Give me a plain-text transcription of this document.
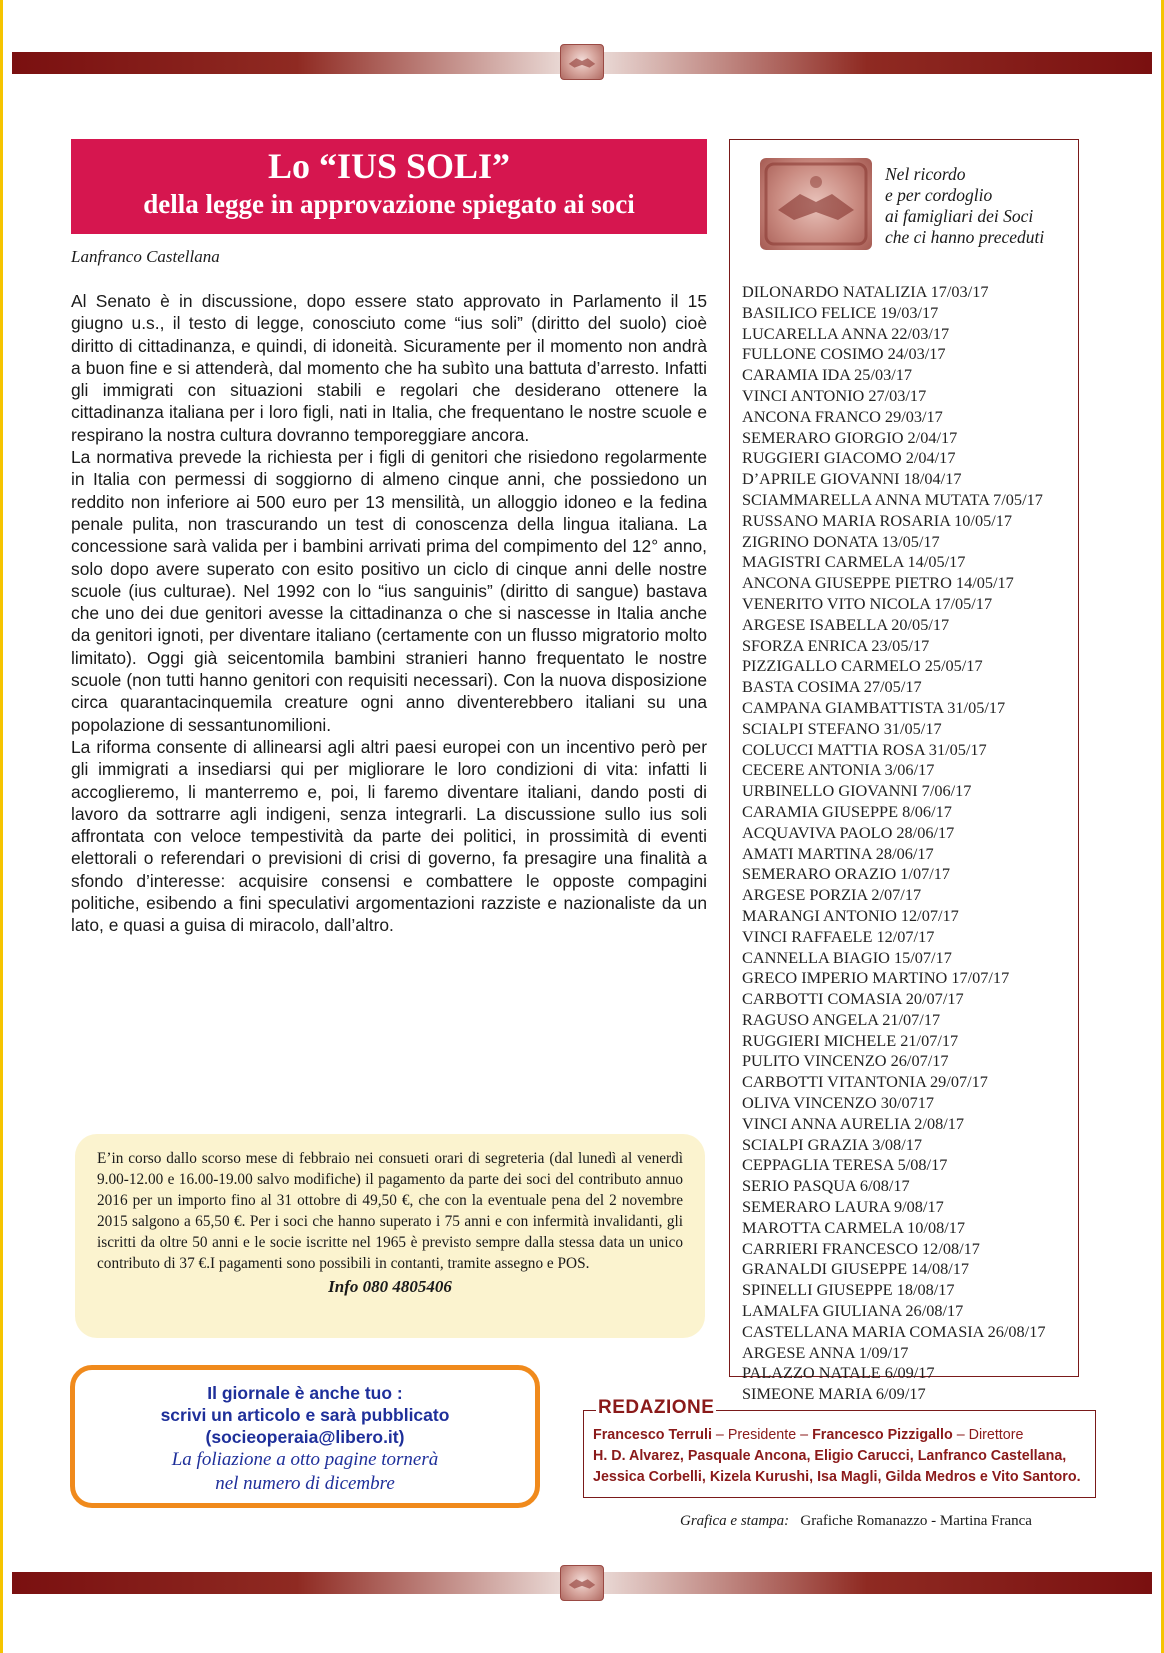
Lo “IUS SOLI”
della legge in approvazione spiegato ai soci
Lanfranco Castellana

Al Senato è in discussione, dopo essere stato approvato in Parlamento il 15 giugno u.s., il testo di legge, conosciuto come “ius soli” (diritto del suolo) cioè diritto di cittadinanza, e quindi, di idoneità. Sicuramente per il momento non andrà a buon fine e si attenderà, dal momento che ha subìto una battuta d’arresto. Infatti gli immigrati con situazioni stabili e regolari che desiderano ottenere la cittadinanza italiana per i loro figli, nati in Italia, che frequentano le nostre scuole e respirano la nostra cultura dovranno temporeggiare ancora.

La normativa prevede la richiesta per i figli di genitori che risiedono regolarmente in Italia con permessi di soggiorno di almeno cinque anni, che possiedono un reddito non inferiore ai 500 euro per 13 mensilità, un alloggio idoneo e la fedina penale pulita, non trascurando un test di conoscenza della lingua italiana. La concessione sarà valida per i bambini arrivati prima del compimento del 12° anno, solo dopo avere superato con esito positivo un ciclo di cinque anni delle nostre scuole (ius culturae). Nel 1992 con lo “ius sanguinis” (diritto di sangue) bastava che uno dei due genitori avesse la cittadinanza o che si nascesse in Italia anche da genitori ignoti, per diventare italiano (certamente con un flusso migratorio molto limitato). Oggi già seicentomila bambini stranieri hanno frequentato le nostre scuole (non tutti hanno genitori con requisiti necessari). Con la nuova disposizione circa quarantacinquemila creature ogni anno diventerebbero italiani su una popolazione di sessantunomilioni.

La riforma consente di allinearsi agli altri paesi europei con un incentivo però per gli immigrati a insediarsi qui per migliorare le loro condizioni di vita: infatti li accoglieremo, li manterremo e, poi, li faremo diventare italiani, dando posti di lavoro da sottrarre agli indigeni, senza integrarli. La discussione sullo ius soli affrontata con veloce tempestività da parte dei politici, in prossimità di eventi elettorali o referendari o previsioni di crisi di governo, fa presagire una finalità a sfondo d’interesse: acquisire consensi e combattere le opposte compagini politiche, esibendo a fini speculativi argomentazioni razziste e nazionaliste da un lato, e quasi a guisa di miracolo, dall’altro.

E’in corso dallo scorso mese di febbraio nei consueti orari di segreteria (dal lunedì al venerdì 9.00-12.00 e 16.00-19.00 salvo modifiche) il pagamento da parte dei soci del contributo annuo 2016 per un importo fino al 31 ottobre di 49,50 €, che con la eventuale pena del 2 novembre 2015 salgono a 65,50 €. Per i soci che hanno superato i 75 anni e con infermità invalidanti, gli iscritti da oltre 50 anni e le socie iscritte nel 1965 è previsto sempre dalla stessa data un unico contributo di 37 €.I pagamenti sono possibili in contanti, tramite assegno e POS.
Info 080 4805406
Il giornale è anche tuo :
scrivi un articolo e sarà pubblicato
(socieoperaia@libero.it)
La foliazione a otto pagine tornerà
nel numero di dicembre
Nel ricordo
e per cordoglio
ai famigliari dei Soci
che ci hanno preceduti
DILONARDO NATALIZIA 17/03/17
BASILICO FELICE 19/03/17
LUCARELLA ANNA 22/03/17
FULLONE COSIMO 24/03/17
CARAMIA IDA 25/03/17
VINCI ANTONIO 27/03/17
ANCONA FRANCO 29/03/17
SEMERARO GIORGIO 2/04/17
RUGGIERI GIACOMO 2/04/17
D’APRILE GIOVANNI 18/04/17
SCIAMMARELLA ANNA MUTATA 7/05/17
RUSSANO MARIA ROSARIA 10/05/17
ZIGRINO DONATA 13/05/17
MAGISTRI CARMELA 14/05/17
ANCONA GIUSEPPE PIETRO 14/05/17
VENERITO VITO NICOLA 17/05/17
ARGESE ISABELLA 20/05/17
SFORZA ENRICA 23/05/17
PIZZIGALLO CARMELO 25/05/17
BASTA COSIMA 27/05/17
CAMPANA GIAMBATTISTA 31/05/17
SCIALPI STEFANO 31/05/17
COLUCCI MATTIA ROSA 31/05/17
CECERE ANTONIA 3/06/17
URBINELLO GIOVANNI 7/06/17
CARAMIA GIUSEPPE 8/06/17
ACQUAVIVA PAOLO 28/06/17
AMATI MARTINA 28/06/17
SEMERARO ORAZIO 1/07/17
ARGESE PORZIA 2/07/17
MARANGI ANTONIO 12/07/17
VINCI RAFFAELE 12/07/17
CANNELLA BIAGIO 15/07/17
GRECO IMPERIO MARTINO 17/07/17
CARBOTTI COMASIA 20/07/17
RAGUSO ANGELA 21/07/17
RUGGIERI MICHELE 21/07/17
PULITO VINCENZO 26/07/17
CARBOTTI VITANTONIA 29/07/17
OLIVA VINCENZO 30/0717
VINCI ANNA AURELIA 2/08/17
SCIALPI GRAZIA 3/08/17
CEPPAGLIA TERESA 5/08/17
SERIO PASQUA 6/08/17
SEMERARO LAURA 9/08/17
MAROTTA CARMELA 10/08/17
CARRIERI FRANCESCO 12/08/17
GRANALDI GIUSEPPE 14/08/17
SPINELLI GIUSEPPE 18/08/17
LAMALFA GIULIANA 26/08/17
CASTELLANA MARIA COMASIA 26/08/17
ARGESE ANNA 1/09/17
PALAZZO NATALE 6/09/17
SIMEONE MARIA 6/09/17
REDAZIONE
Francesco Terruli – Presidente – Francesco Pizzigallo – Direttore
H. D. Alvarez, Pasquale Ancona, Eligio Carucci, Lanfranco Castellana, Jessica Corbelli, Kizela Kurushi, Isa Magli, Gilda Medros e Vito Santoro.
Grafica e stampa: Grafiche Romanazzo - Martina Franca
